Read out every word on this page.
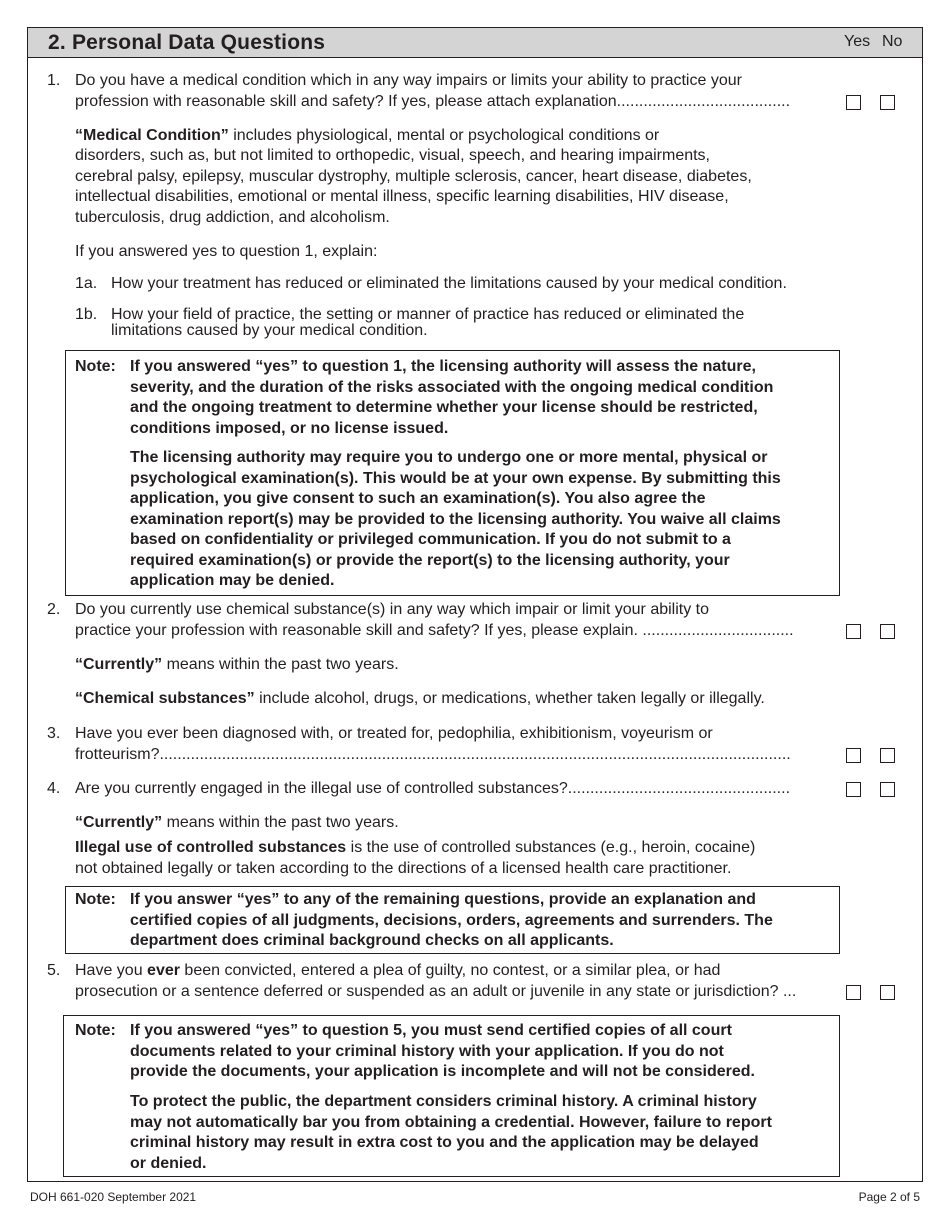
2. Personal Data Questions	Yes No
1. Do you have a medical condition which in any way impairs or limits your ability to practice your
profession with reasonable skill and safety? If yes, please attach explanation.......................................
“Medical Condition” includes physiological, mental or psychological conditions or
disorders, such as, but not limited to orthopedic, visual, speech, and hearing impairments,
cerebral palsy, epilepsy, muscular dystrophy, multiple sclerosis, cancer, heart disease, diabetes,
intellectual disabilities, emotional or mental illness, specific learning disabilities, HIV disease,
tuberculosis, drug addiction, and alcoholism.
If you answered yes to question 1, explain:
1a. How your treatment has reduced or eliminated the limitations caused by your medical condition.
1b. How your field of practice, the setting or manner of practice has reduced or eliminated the
limitations caused by your medical condition.
Note: If you answered “yes” to question 1, the licensing authority will assess the nature,
severity, and the duration of the risks associated with the ongoing medical condition
and the ongoing treatment to determine whether your license should be restricted,
conditions imposed, or no license issued.
The licensing authority may require you to undergo one or more mental, physical or
psychological examination(s). This would be at your own expense. By submitting this
application, you give consent to such an examination(s). You also agree the
examination report(s) may be provided to the licensing authority. You waive all claims
based on confidentiality or privileged communication. If you do not submit to a
required examination(s) or provide the report(s) to the licensing authority, your
application may be denied.
2. Do you currently use chemical substance(s) in any way which impair or limit your ability to
practice your profession with reasonable skill and safety? If yes, please explain. ..................................
“Currently” means within the past two years.
“Chemical substances” include alcohol, drugs, or medications, whether taken legally or illegally.
3. Have you ever been diagnosed with, or treated for, pedophilia, exhibitionism, voyeurism or
frotteurism?..............................................................................................................................................
4. Are you currently engaged in the illegal use of controlled substances?..................................................
“Currently” means within the past two years.
Illegal use of controlled substances is the use of controlled substances (e.g., heroin, cocaine)
not obtained legally or taken according to the directions of a licensed health care practitioner.
Note: If you answer “yes” to any of the remaining questions, provide an explanation and
certified copies of all judgments, decisions, orders, agreements and surrenders. The
department does criminal background checks on all applicants.
5. Have you ever been convicted, entered a plea of guilty, no contest, or a similar plea, or had
prosecution or a sentence deferred or suspended as an adult or juvenile in any state or jurisdiction? ...
Note: If you answered “yes” to question 5, you must send certified copies of all court
documents related to your criminal history with your application. If you do not
provide the documents, your application is incomplete and will not be considered.
To protect the public, the department considers criminal history. A criminal history
may not automatically bar you from obtaining a credential. However, failure to report
criminal history may result in extra cost to you and the application may be delayed
or denied.
DOH 661-020 September 2021	Page 2 of 5
